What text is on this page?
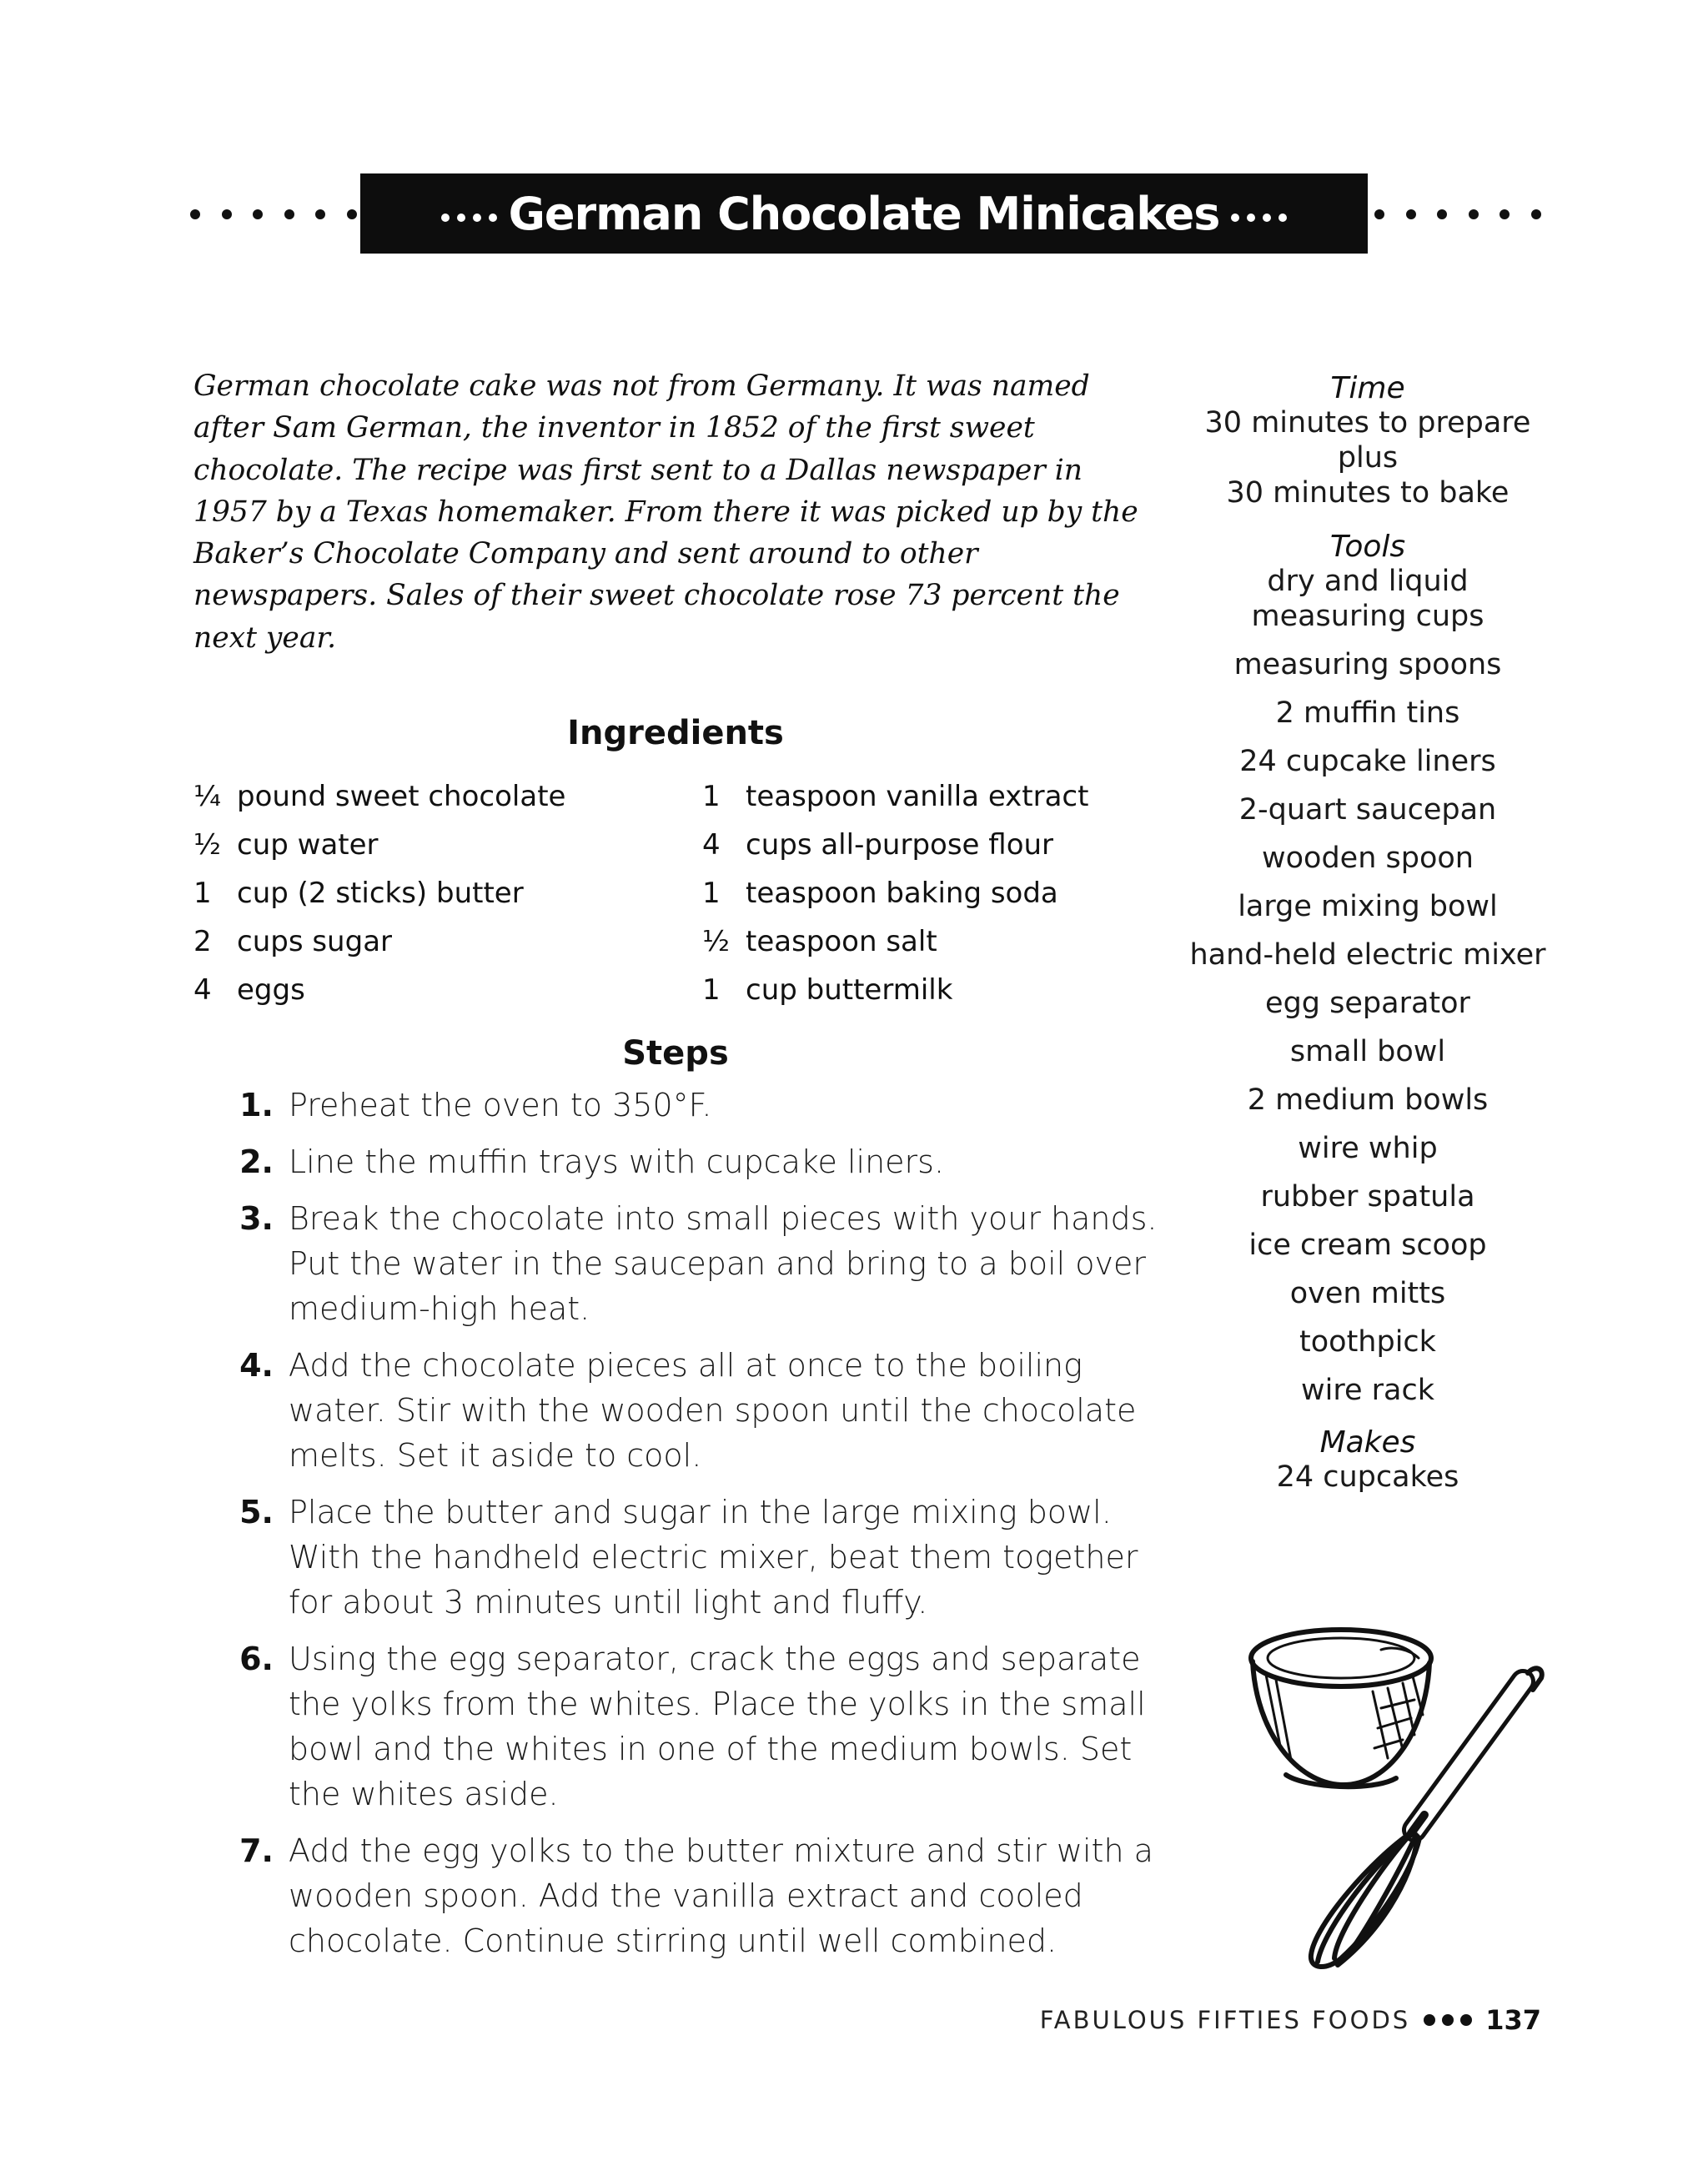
German Chocolate Minicakes

German chocolate cake was not from Germany. It was named after Sam German, the inventor in 1852 of the first sweet chocolate. The recipe was first sent to a Dallas newspaper in 1957 by a Texas homemaker. From there it was picked up by the Baker’s Chocolate Company and sent around to other newspapers. Sales of their sweet chocolate rose 73 percent the next year.

Ingredients
¼ pound sweet chocolate
½ cup water
1 cup (2 sticks) butter
2 cups sugar
4 eggs
1 teaspoon vanilla extract
4 cups all-purpose flour
1 teaspoon baking soda
½ teaspoon salt
1 cup buttermilk
Steps
1. Preheat the oven to 350°F.
2. Line the muffin trays with cupcake liners.
3. Break the chocolate into small pieces with your hands. Put the water in the saucepan and bring to a boil over medium-high heat.
4. Add the chocolate pieces all at once to the boiling water. Stir with the wooden spoon until the chocolate melts. Set it aside to cool.
5. Place the butter and sugar in the large mixing bowl. With the handheld electric mixer, beat them together for about 3 minutes until light and fluffy.
6. Using the egg separator, crack the eggs and separate the yolks from the whites. Place the yolks in the small bowl and the whites in one of the medium bowls. Set the whites aside.
7. Add the egg yolks to the butter mixture and stir with a wooden spoon. Add the vanilla extract and cooled chocolate. Continue stirring until well combined.
Time
30 minutes to prepare
plus
30 minutes to bake
Tools
dry and liquid measuring cups
measuring spoons
2 muffin tins
24 cupcake liners
2-quart saucepan
wooden spoon
large mixing bowl
hand-held electric mixer
egg separator
small bowl
2 medium bowls
wire whip
rubber spatula
ice cream scoop
oven mitts
toothpick
wire rack
Makes
24 cupcakes
FABULOUS FIFTIES FOODS	137
